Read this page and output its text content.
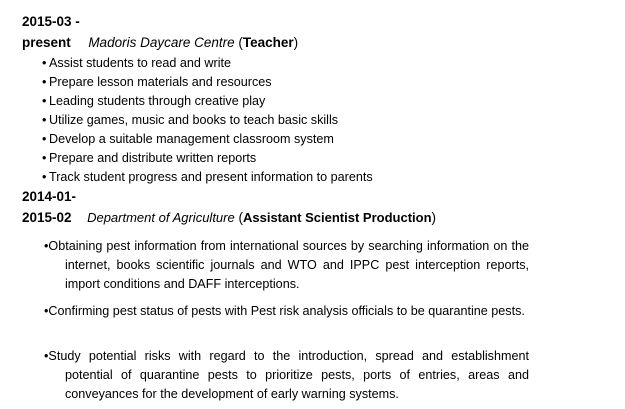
2015-03 -
present Madoris Daycare Centre (Teacher)
• Assist students to read and write
• Prepare lesson materials and resources
• Leading students through creative play
• Utilize games, music and books to teach basic skills
• Develop a suitable management classroom system
• Prepare and distribute written reports
• Track student progress and present information to parents
2014-01-
2015-02 Department of Agriculture (Assistant Scientist Production)
•Obtaining pest information from international sources by searching information on the internet, books scientific journals and WTO and IPPC pest interception reports, import conditions and DAFF interceptions.
•Confirming pest status of pests with Pest risk analysis officials to be quarantine pests.
•Study potential risks with regard to the introduction, spread and establishment potential of quarantine pests to prioritize pests, ports of entries, areas and conveyances for the development of early warning systems.
